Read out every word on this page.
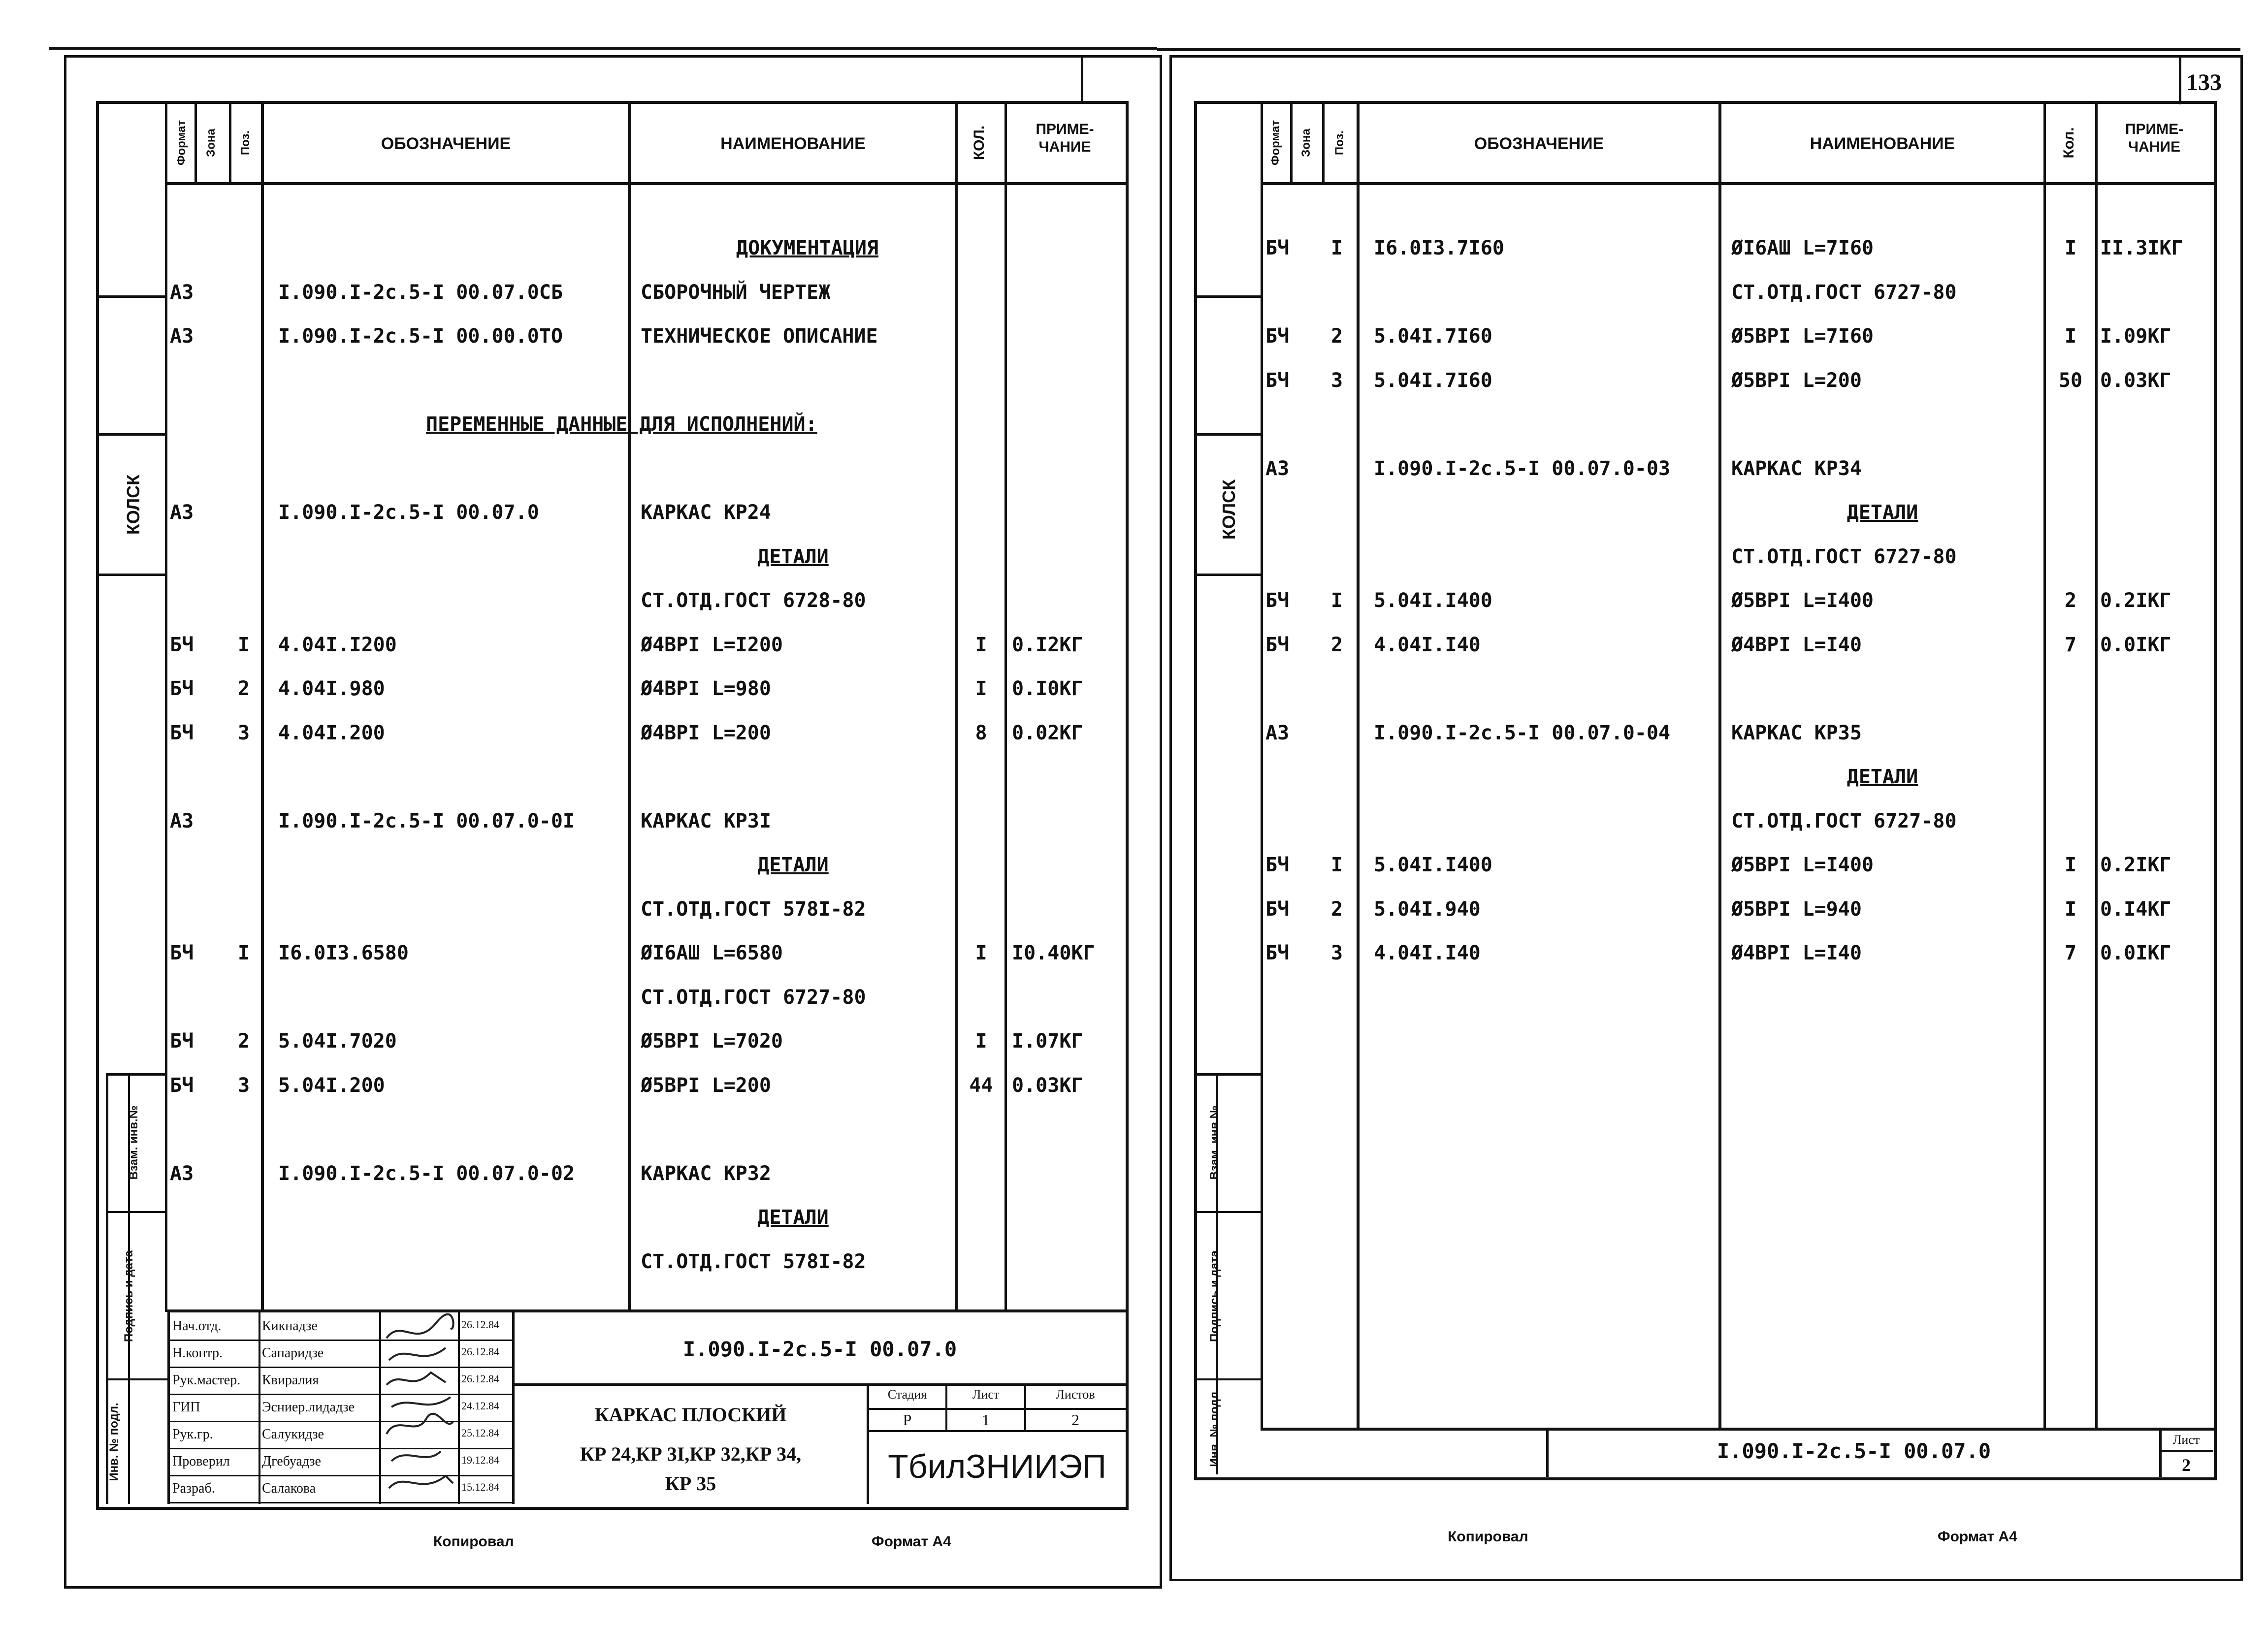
Формат Зона Поз.	ОБОЗНАЧЕНИЕ	НАИМЕНОВАНИЕ	КОЛ.	ПРИМЕ-
ЧАНИЕ
КОЛСК
ДОКУМЕНТАЦИЯ
А3	I.090.I-2с.5-I 00.07.0СБ	СБОРОЧНЫЙ ЧЕРТЕЖ
А3	I.090.I-2с.5-I 00.00.0ТО	ТЕХНИЧЕСКОЕ ОПИСАНИЕ
А3	I.090.I-2с.5-I 00.07.0	КАРКАС КР24
ДЕТАЛИ
СТ.ОТД.ГОСТ 6728-80
БЧ	I	4.04I.I200	Ø4ВРI L=I200	I	0.I2КГ
БЧ	2	4.04I.980	Ø4ВРI L=980	I	0.I0КГ
БЧ	3	4.04I.200	Ø4ВРI L=200	8	0.02КГ
А3	I.090.I-2с.5-I 00.07.0-0I	КАРКАС КР3I
ДЕТАЛИ
СТ.ОТД.ГОСТ 578I-82
БЧ	I	I6.0I3.6580	ØI6АШ L=6580	I	I0.40КГ
СТ.ОТД.ГОСТ 6727-80
БЧ	2	5.04I.7020	Ø5ВРI L=7020	I	I.07КГ
БЧ	3	5.04I.200	Ø5ВРI L=200	44 0.03КГ
А3	I.090.I-2с.5-I 00.07.0-02	КАРКАС КР32
ДЕТАЛИ
СТ.ОТД.ГОСТ 578I-82
ПЕРЕМЕННЫЕ ДАННЫЕ ДЛЯ ИСПОЛНЕНИЙ:
Взам. инв.№
Подпись и дата
Инв. № подл.
Нач.отд.	Кикнадзе	26.12.84
Н.контр.	Сапаридзе	26.12.84
Рук.мастер.	Квиралия	26.12.84
ГИП	Эсниер.лидадзе	24.12.84
Рук.гр.	Салукидзе	25.12.84
Проверил	Дгебуадзе	19.12.84
Разраб.	Салакова	15.12.84
I.090.I-2с.5-I 00.07.0
КАРКАС ПЛОСКИЙ
КР 24,КР 3I,КР 32,КР 34,
КР 35
Стадия	Лист	Листов
Р	1	2
ТбилЗНИИЭП
Копировал	Формат А4
133
Формат Зона Поз.	ОБОЗНАЧЕНИЕ	НАИМЕНОВАНИЕ	Кол.	ПРИМЕ-
ЧАНИЕ
КОЛСК
БЧ	I	I6.0I3.7I60	ØI6АШ L=7I60	I	II.3IКГ
СТ.ОТД.ГОСТ 6727-80
БЧ	2	5.04I.7I60	Ø5ВРI L=7I60	I	I.09КГ
БЧ	3	5.04I.7I60	Ø5ВРI L=200	50 0.03КГ
А3	I.090.I-2с.5-I 00.07.0-03	КАРКАС КР34
ДЕТАЛИ
СТ.ОТД.ГОСТ 6727-80
БЧ	I	5.04I.I400	Ø5ВРI L=I400	2	0.2IКГ
БЧ	2	4.04I.I40	Ø4ВРI L=I40	7	0.0IКГ
А3	I.090.I-2с.5-I 00.07.0-04	КАРКАС КР35
ДЕТАЛИ
СТ.ОТД.ГОСТ 6727-80
БЧ	I	5.04I.I400	Ø5ВРI L=I400	I	0.2IКГ
БЧ	2	5.04I.940	Ø5ВРI L=940	I	0.I4КГ
БЧ	3	4.04I.I40	Ø4ВРI L=I40	7	0.0IКГ
Взам. инв.№
Подпись и дата
Инв. № подл.	I.090.I-2с.5-I 00.07.0	Лист
2
Копировал	Формат А4
